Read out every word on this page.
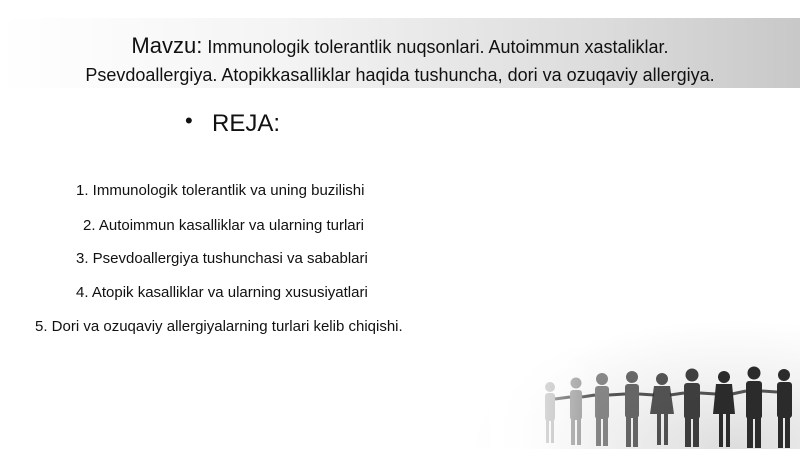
Mavzu: Immunologik tolerantlik nuqsonlari. Autoimmun xastaliklar.
Psevdoallergiya. Atopikkasalliklar haqida tushuncha, dori va ozuqaviy allergiya.
• REJA:
1. Immunologik tolerantlik va uning buzilishi
2. Autoimmun kasalliklar va ularning turlari
3. Psevdoallergiya tushunchasi va sabablari
4. Atopik kasalliklar va ularning xususiyatlari
5. Dori va ozuqaviy allergiyalarning turlari kelib chiqishi.
